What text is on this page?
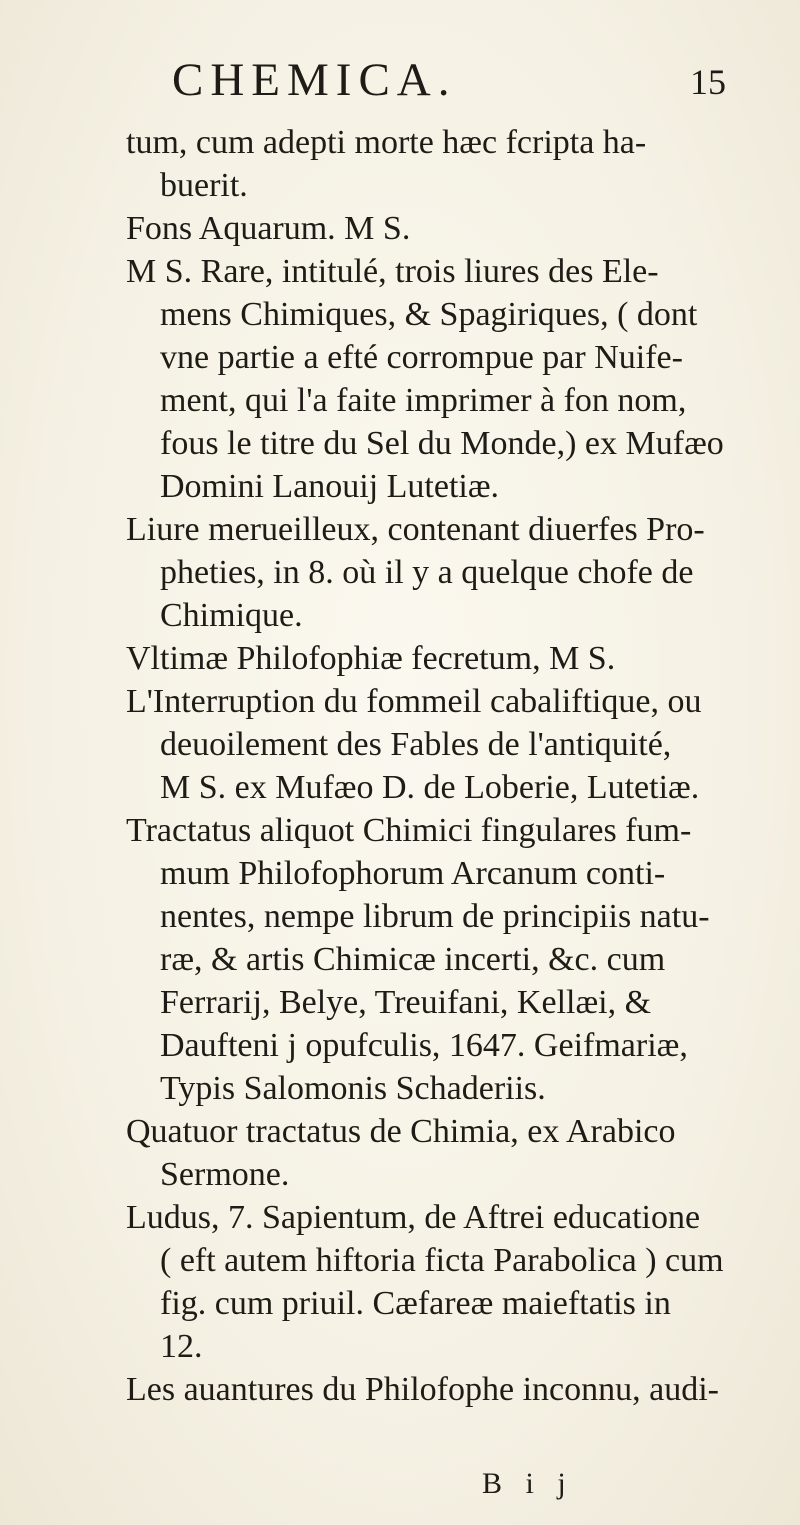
CHEMICA.	15
tum, cum adepti morte hæc fcripta ha-
buerit.
Fons Aquarum. M S.
M S. Rare, intitulé, trois liures des Ele-
mens Chimiques, & Spagiriques, ( dont
vne partie a efté corrompue par Nuife-
ment, qui l'a faite imprimer à fon nom,
fous le titre du Sel du Monde,) ex Mufæo
Domini Lanouij Lutetiæ.
Liure merueilleux, contenant diuerfes Pro-
pheties, in 8. où il y a quelque chofe de
Chimique.
Vltimæ Philofophiæ fecretum, M S.
L'Interruption du fommeil cabaliftique, ou
deuoilement des Fables de l'antiquité,
M S. ex Mufæo D. de Loberie, Lutetiæ.
Tractatus aliquot Chimici fingulares fum-
mum Philofophorum Arcanum conti-
nentes, nempe librum de principiis natu-
ræ, & artis Chimicæ incerti, &c. cum
Ferrarij, Belye, Treuifani, Kellæi, &
Daufteni j opufculis, 1647. Geifmariæ,
Typis Salomonis Schaderiis.
Quatuor tractatus de Chimia, ex Arabico
Sermone.
Ludus, 7. Sapientum, de Aftrei educatione
( eft autem hiftoria ficta Parabolica ) cum
fig. cum priuil. Cæfareæ maieftatis in
12.
Les auantures du Philofophe inconnu, audi-
B i j
